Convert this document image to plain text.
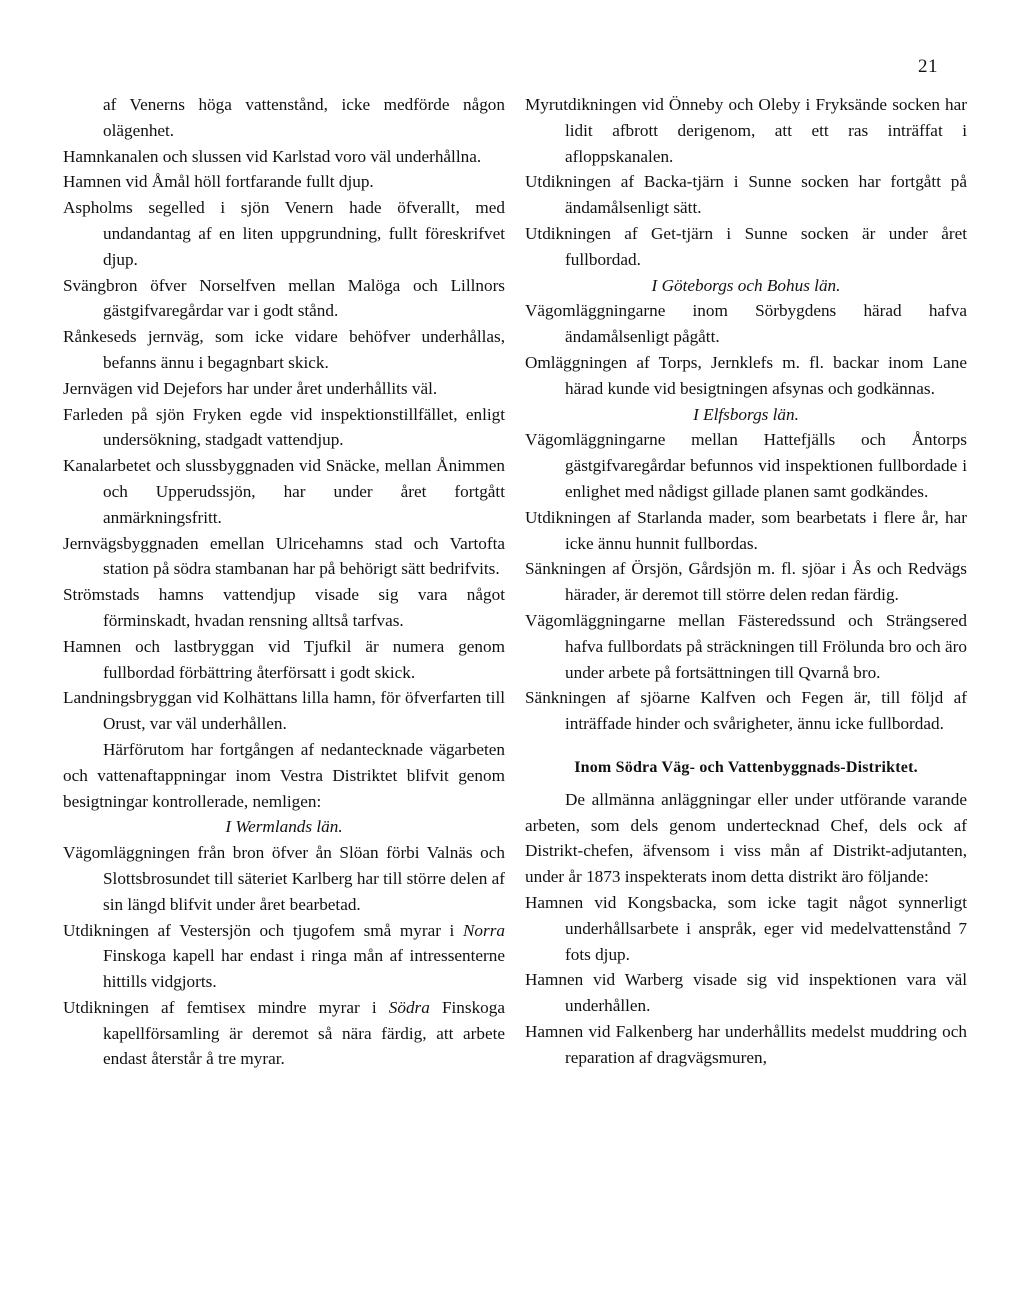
21

af Venerns höga vattenstånd, icke medförde någon olägenhet.

Hamnkanalen och slussen vid Karlstad voro väl underhållna.

Hamnen vid Åmål höll fortfarande fullt djup.

Aspholms segelled i sjön Venern hade öfverallt, med undandantag af en liten uppgrundning, fullt föreskrifvet djup.

Svängbron öfver Norselfven mellan Malöga och Lillnors gästgifvaregårdar var i godt stånd.

Rånkeseds jernväg, som icke vidare behöfver underhållas, befanns ännu i begagnbart skick.

Jernvägen vid Dejefors har under året underhållits väl.

Farleden på sjön Fryken egde vid inspektionstillfället, enligt undersökning, stadgadt vattendjup.

Kanalarbetet och slussbyggnaden vid Snäcke, mellan Ånimmen och Upperudssjön, har under året fortgått anmärkningsfritt.

Jernvägsbyggnaden emellan Ulricehamns stad och Vartofta station på södra stambanan har på behörigt sätt bedrifvits.

Strömstads hamns vattendjup visade sig vara något förminskadt, hvadan rensning alltså tarfvas.

Hamnen och lastbryggan vid Tjufkil är numera genom fullbordad förbättring återförsatt i godt skick.

Landningsbryggan vid Kolhättans lilla hamn, för öfverfarten till Orust, var väl underhållen.

Härförutom har fortgången af nedantecknade vägarbeten och vattenaftappningar inom Vestra Distriktet blifvit genom besigtningar kontrollerade, nemligen:

I Wermlands län.

Vägomläggningen från bron öfver ån Slöan förbi Valnäs och Slottsbrosundet till säteriet Karlberg har till större delen af sin längd blifvit under året bearbetad.

Utdikningen af Vestersjön och tjugofem små myrar i Norra Finskoga kapell har endast i ringa mån af intressenterne hittills vidgjorts.

Utdikningen af femtisex mindre myrar i Södra Finskoga kapellförsamling är deremot så nära färdig, att arbete endast återstår å tre myrar.

Myrutdikningen vid Önneby och Oleby i Fryksände socken har lidit afbrott derigenom, att ett ras inträffat i afloppskanalen.

Utdikningen af Backa-tjärn i Sunne socken har fortgått på ändamålsenligt sätt.

Utdikningen af Get-tjärn i Sunne socken är under året fullbordad.

I Göteborgs och Bohus län.

Vägomläggningarne inom Sörbygdens härad hafva ändamålsenligt pågått.

Omläggningen af Torps, Jernklefs m. fl. backar inom Lane härad kunde vid besigtningen afsynas och godkännas.

I Elfsborgs län.

Vägomläggningarne mellan Hattefjälls och Åntorps gästgifvaregårdar befunnos vid inspektionen fullbordade i enlighet med nådigst gillade planen samt godkändes.

Utdikningen af Starlanda mader, som bearbetats i flere år, har icke ännu hunnit fullbordas.

Sänkningen af Örsjön, Gårdsjön m. fl. sjöar i Ås och Redvägs härader, är deremot till större delen redan färdig.

Vägomläggningarne mellan Fästeredssund och Strängsered hafva fullbordats på sträckningen till Frölunda bro och äro under arbete på fortsättningen till Qvarnå bro.

Sänkningen af sjöarne Kalfven och Fegen är, till följd af inträffade hinder och svårigheter, ännu icke fullbordad.

Inom Södra Väg- och Vattenbyggnads-Distriktet.

De allmänna anläggningar eller under utförande varande arbeten, som dels genom undertecknad Chef, dels ock af Distrikt-chefen, äfvensom i viss mån af Distrikt-adjutanten, under år 1873 inspekterats inom detta distrikt äro följande:

Hamnen vid Kongsbacka, som icke tagit något synnerligt underhållsarbete i anspråk, eger vid medelvattenstånd 7 fots djup.

Hamnen vid Warberg visade sig vid inspektionen vara väl underhållen.

Hamnen vid Falkenberg har underhållits medelst muddring och reparation af dragvägsmuren,
